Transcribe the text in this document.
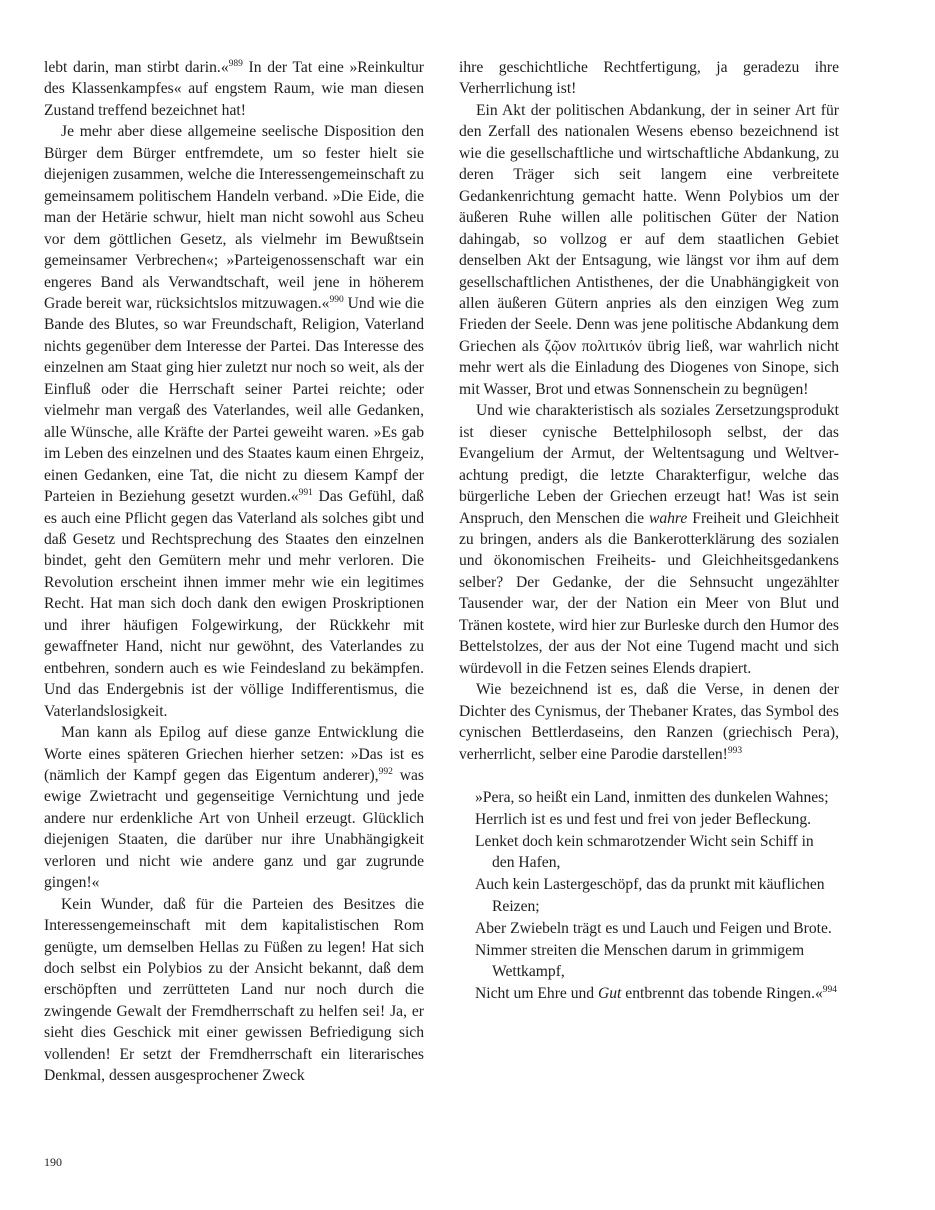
lebt darin, man stirbt darin.«$^{989}$ In der Tat eine »Reinkultur des Klassenkampfes« auf engstem Raum, wie man diesen Zustand treffend bezeichnet hat!

Je mehr aber diese allgemeine seelische Disposition den Bürger dem Bürger entfremdete, um so fester hielt sie diejenigen zusammen, welche die Interessengemeinschaft zu gemeinsamem politischem Handeln verband. »Die Eide, die man der Hetärie schwur, hielt man nicht sowohl aus Scheu vor dem göttlichen Gesetz, als vielmehr im Bewußtsein gemeinsamer Verbrechen«; »Parteigenossenschaft war ein engeres Band als Verwandtschaft, weil jene in höherem Grade bereit war, rücksichtslos mitzuwagen.«$^{990}$ Und wie die Bande des Blutes, so war Freundschaft, Religion, Vaterland nichts gegenüber dem Interesse der Partei. Das Interesse des einzelnen am Staat ging hier zuletzt nur noch so weit, als der Einfluß oder die Herrschaft seiner Partei reichte; oder vielmehr man vergaß des Vaterlandes, weil alle Gedanken, alle Wünsche, alle Kräfte der Partei geweiht waren. »Es gab im Leben des einzelnen und des Staates kaum einen Ehrgeiz, einen Gedanken, eine Tat, die nicht zu diesem Kampf der Parteien in Beziehung gesetzt wurden.«$^{991}$ Das Gefühl, daß es auch eine Pflicht gegen das Vaterland als solches gibt und daß Gesetz und Rechtsprechung des Staates den einzelnen bindet, geht den Gemütern mehr und mehr verloren. Die Revolution erscheint ihnen immer mehr wie ein legitimes Recht. Hat man sich doch dank den ewigen Proskriptionen und ihrer häufigen Folgewirkung, der Rückkehr mit gewaffneter Hand, nicht nur gewöhnt, des Vaterlandes zu entbehren, sondern auch es wie Feindesland zu bekämpfen. Und das Endergebnis ist der völlige Indifferentismus, die Vaterlandslosigkeit.

Man kann als Epilog auf diese ganze Entwicklung die Worte eines späteren Griechen hierher setzen: »Das ist es (nämlich der Kampf gegen das Eigentum anderer),$^{992}$ was ewige Zwietracht und gegenseitige Vernichtung und jede andere nur erdenkliche Art von Unheil erzeugt. Glücklich diejenigen Staaten, die darüber nur ihre Unabhängigkeit verloren und nicht wie andere ganz und gar zugrunde gingen!«

Kein Wunder, daß für die Parteien des Besitzes die Interessengemeinschaft mit dem kapitalistischen Rom genügte, um demselben Hellas zu Füßen zu legen! Hat sich doch selbst ein Polybios zu der Ansicht bekannt, daß dem erschöpften und zerrütteten Land nur noch durch die zwingende Gewalt der Fremdherrschaft zu helfen sei! Ja, er sieht dies Geschick mit einer gewissen Befriedigung sich vollenden! Er setzt der Fremdherrschaft ein literarisches Denkmal, dessen ausgesprochener Zweck

ihre geschichtliche Rechtfertigung, ja geradezu ihre Verherrlichung ist!

Ein Akt der politischen Abdankung, der in seiner Art für den Zerfall des nationalen Wesens ebenso bezeichnend ist wie die gesellschaftliche und wirtschaftliche Abdankung, zu deren Träger sich seit langem eine verbreitete Gedankenrichtung gemacht hatte. Wenn Polybios um der äußeren Ruhe willen alle politischen Güter der Nation dahingab, so vollzog er auf dem staatlichen Gebiet denselben Akt der Entsagung, wie längst vor ihm auf dem gesellschaftlichen Antisthenes, der die Unabhängigkeit von allen äußeren Gütern anpries als den einzigen Weg zum Frieden der Seele. Denn was jene politische Abdankung dem Griechen als ζῷον πολιτικόν übrig ließ, war wahrlich nicht mehr wert als die Einladung des Diogenes von Sinope, sich mit Wasser, Brot und etwas Sonnenschein zu begnügen!

Und wie charakteristisch als soziales Zersetzungsprodukt ist dieser cynische Bettelphilosoph selbst, der das Evangelium der Armut, der Weltentsagung und Weltverachtung predigt, die letzte Charakterfigur, welche das bürgerliche Leben der Griechen erzeugt hat! Was ist sein Anspruch, den Menschen die wahre Freiheit und Gleichheit zu bringen, anders als die Bankerotterklärung des sozialen und ökonomischen Freiheits- und Gleichheitsgedankens selber? Der Gedanke, der die Sehnsucht ungezählter Tausender war, der der Nation ein Meer von Blut und Tränen kostete, wird hier zur Burleske durch den Humor des Bettelstolzes, der aus der Not eine Tugend macht und sich würdevoll in die Fetzen seines Elends drapiert.

Wie bezeichnend ist es, daß die Verse, in denen der Dichter des Cynismus, der Thebaner Krates, das Symbol des cynischen Bettlerdaseins, den Ranzen (griechisch Pera), verherrlicht, selber eine Parodie darstellen!$^{993}$

»Pera, so heißt ein Land, inmitten des dunkelen Wahnes;
Herrlich ist es und fest und frei von jeder Befleckung.
Lenket doch kein schmarotzender Wicht sein Schiff in den Hafen,
Auch kein Lastergeschöpf, das da prunkt mit käuflichen Reizen;
Aber Zwiebeln trägt es und Lauch und Feigen und Brote.
Nimmer streiten die Menschen darum in grimmigem Wettkampf,
Nicht um Ehre und Gut entbrennt das tobende Ringen.«$^{994}$
190
